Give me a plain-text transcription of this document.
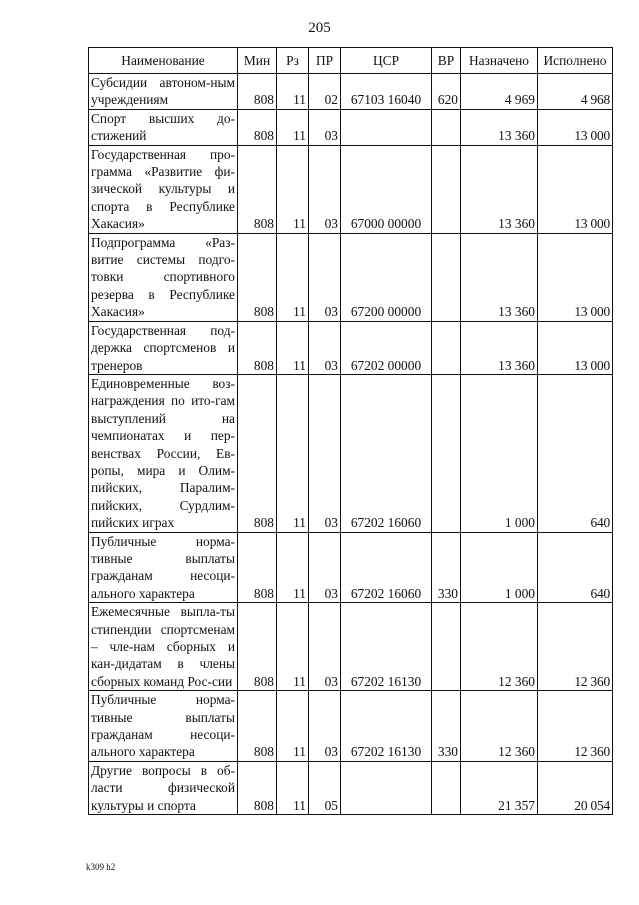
205
Наименование	Мин	Рз	ПР	ЦСР	ВР	Назначено	Исполнено
Субсидии автоном-ным учреждениям	808	11	02	67103 16040	620	4 969	4 968
Спорт высших до-стижений	808	11	03			13 360	13 000
Государственная про-грамма «Развитие фи-зической культуры и спорта в Республике Хакасия»	808	11	03	67000 00000		13 360	13 000
Подпрограмма «Раз-витие системы подго-товки спортивного резерва в Республике Хакасия»	808	11	03	67200 00000		13 360	13 000
Государственная под-держка спортсменов и тренеров	808	11	03	67202 00000		13 360	13 000
Единовременные воз-награждения по ито-гам выступлений на чемпионатах и пер-венствах России, Ев-ропы, мира и Олим-пийских, Паралим-пийских, Сурдлим-пийских играх	808	11	03	67202 16060		1 000	640
Публичные норма-тивные выплаты гражданам несоци-ального характера	808	11	03	67202 16060	330	1 000	640
Ежемесячные выпла-ты стипендии спортсменам – чле-нам сборных и кан-дидатам в члены сборных команд Рос-сии	808	11	03	67202 16130		12 360	12 360
Публичные норма-тивные выплаты гражданам несоци-ального характера	808	11	03	67202 16130	330	12 360	12 360
Другие вопросы в об-ласти физической культуры и спорта	808	11	05			21 357	20 054
k309 h2
